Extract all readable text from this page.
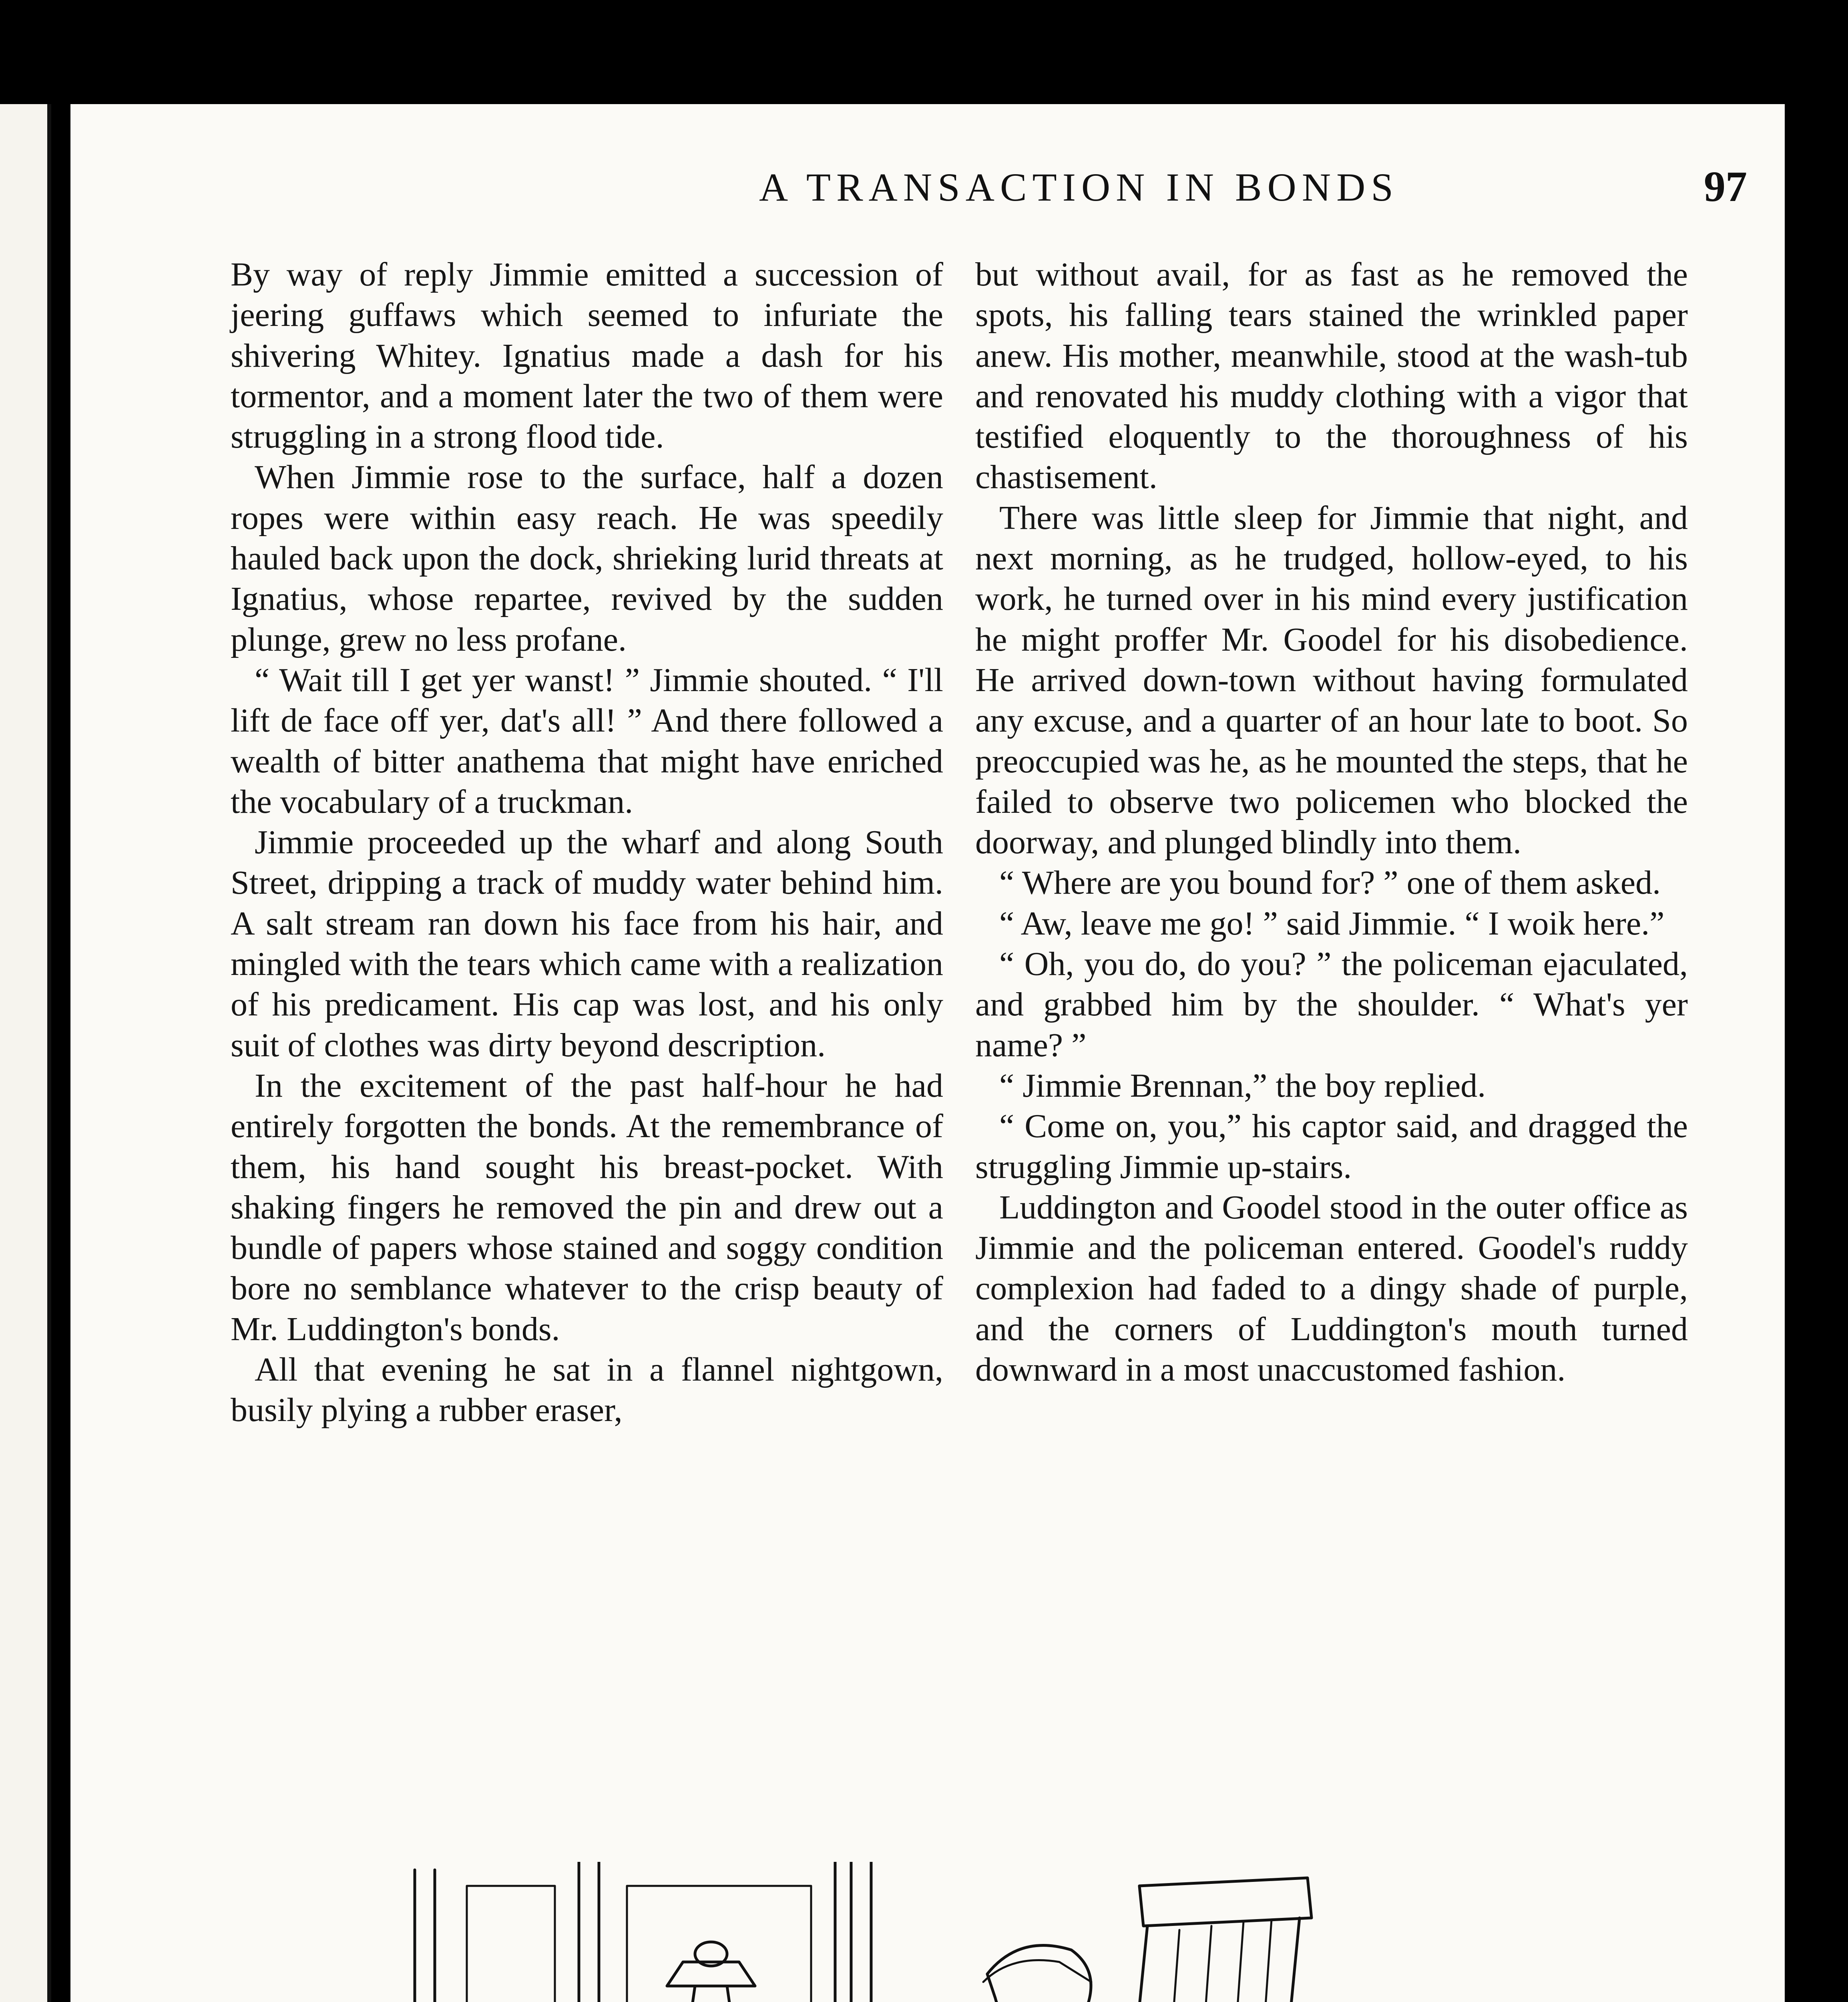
A TRANSACTION IN BONDS	97

By way of reply Jimmie emitted a succession of jeering guffaws which seemed to infuriate the shivering Whitey. Ignatius made a dash for his tormentor, and a moment later the two of them were struggling in a strong flood tide.

When Jimmie rose to the surface, half a dozen ropes were within easy reach. He was speedily hauled back upon the dock, shrieking lurid threats at Ignatius, whose repartee, revived by the sudden plunge, grew no less profane.

“ Wait till I get yer wanst! ” Jimmie shouted. “ I'll lift de face off yer, dat's all! ” And there followed a wealth of bitter anathema that might have enriched the vocabulary of a truckman.

Jimmie proceeded up the wharf and along South Street, dripping a track of muddy water behind him. A salt stream ran down his face from his hair, and mingled with the tears which came with a realization of his predicament. His cap was lost, and his only suit of clothes was dirty beyond description.

In the excitement of the past half-hour he had entirely forgotten the bonds. At the remembrance of them, his hand sought his breast-pocket. With shaking fingers he removed the pin and drew out a bundle of papers whose stained and soggy condition bore no semblance whatever to the crisp beauty of Mr. Luddington's bonds.

All that evening he sat in a flannel nightgown, busily plying a rubber eraser,

but without avail, for as fast as he removed the spots, his falling tears stained the wrinkled paper anew. His mother, meanwhile, stood at the wash-tub and renovated his muddy clothing with a vigor that testified eloquently to the thoroughness of his chastisement.

There was little sleep for Jimmie that night, and next morning, as he trudged, hollow-eyed, to his work, he turned over in his mind every justification he might proffer Mr. Goodel for his disobedience. He arrived down-town without having formulated any excuse, and a quarter of an hour late to boot. So preoccupied was he, as he mounted the steps, that he failed to observe two policemen who blocked the doorway, and plunged blindly into them.

“ Where are you bound for? ” one of them asked.

“ Aw, leave me go! ” said Jimmie. “ I woik here.”

“ Oh, you do, do you? ” the policeman ejaculated, and grabbed him by the shoulder. “ What's yer name? ”

“ Jimmie Brennan,” the boy replied.

“ Come on, you,” his captor said, and dragged the struggling Jimmie up-stairs.

Luddington and Goodel stood in the outer office as Jimmie and the policeman entered. Goodel's ruddy complexion had faded to a dingy shade of purple, and the corners of Luddington's mouth turned downward in a most unaccustomed fashion.
